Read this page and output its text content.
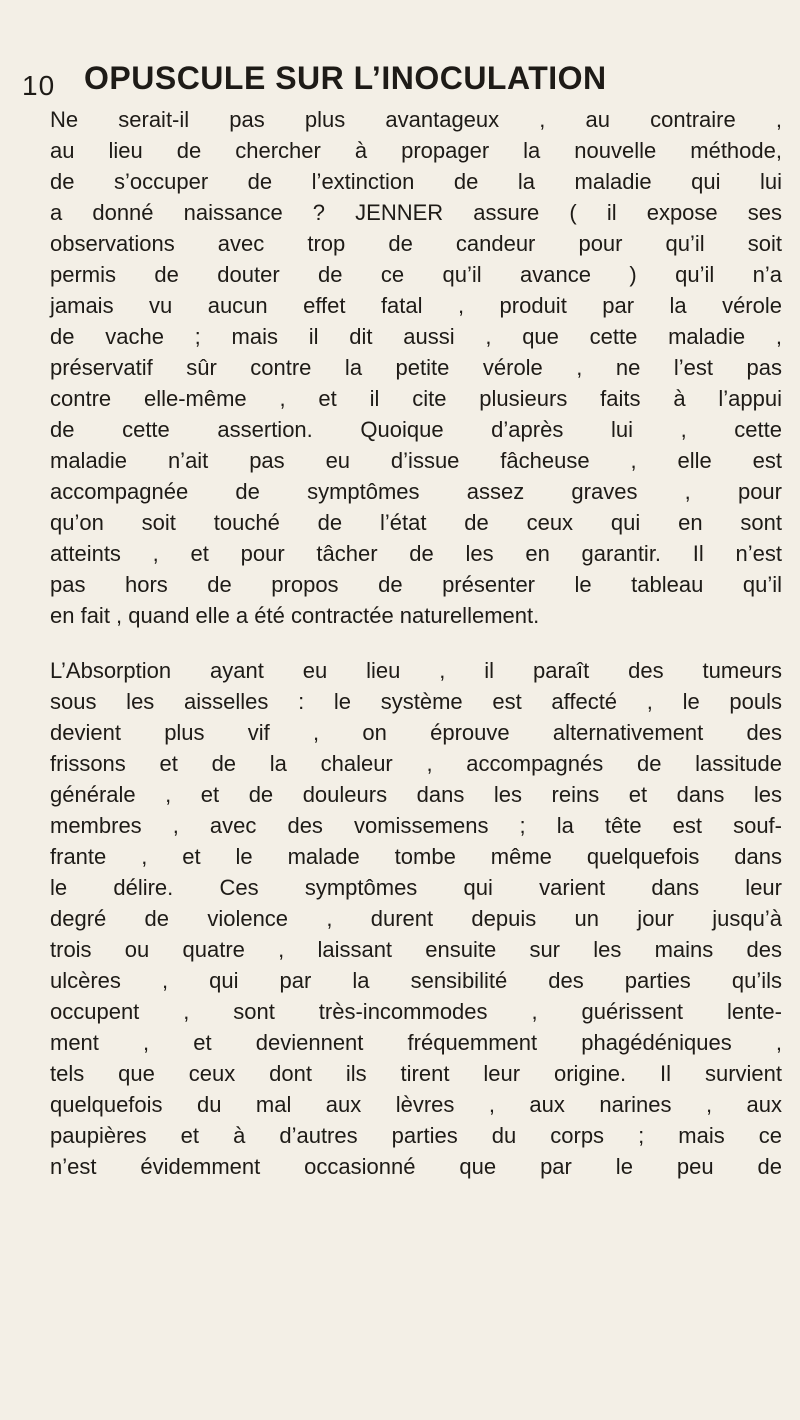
10 OPUSCULE SUR L’INOCULATION
Ne serait-il pas plus avantageux , au contraire ,
au lieu de chercher à propager la nouvelle méthode,
de s’occuper de l’extinction de la maladie qui lui
a donné naissance ? JENNER assure ( il expose ses
observations avec trop de candeur pour qu’il soit
permis de douter de ce qu’il avance ) qu’il n’a
jamais vu aucun effet fatal , produit par la vérole
de vache ; mais il dit aussi , que cette maladie ,
préservatif sûr contre la petite vérole , ne l’est pas
contre elle-même , et il cite plusieurs faits à l’appui
de cette assertion. Quoique d’après lui , cette
maladie n’ait pas eu d’issue fâcheuse , elle est
accompagnée de symptômes assez graves , pour
qu’on soit touché de l’état de ceux qui en sont
atteints , et pour tâcher de les en garantir. Il n’est
pas hors de propos de présenter le tableau qu’il
en fait , quand elle a été contractée naturellement.
L’Absorption ayant eu lieu , il paraît des tumeurs
sous les aisselles : le système est affecté , le pouls
devient plus vif , on éprouve alternativement des
frissons et de la chaleur , accompagnés de lassitude
générale , et de douleurs dans les reins et dans les
membres , avec des vomissemens ; la tête est souf-
frante , et le malade tombe même quelquefois dans
le délire. Ces symptômes qui varient dans leur
degré de violence , durent depuis un jour jusqu’à
trois ou quatre , laissant ensuite sur les mains des
ulcères , qui par la sensibilité des parties qu’ils
occupent , sont très-incommodes , guérissent lente-
ment , et deviennent fréquemment phagédéniques ,
tels que ceux dont ils tirent leur origine. Il survient
quelquefois du mal aux lèvres , aux narines , aux
paupières et à d’autres parties du corps ; mais ce
n’est évidemment occasionné que par le peu de
